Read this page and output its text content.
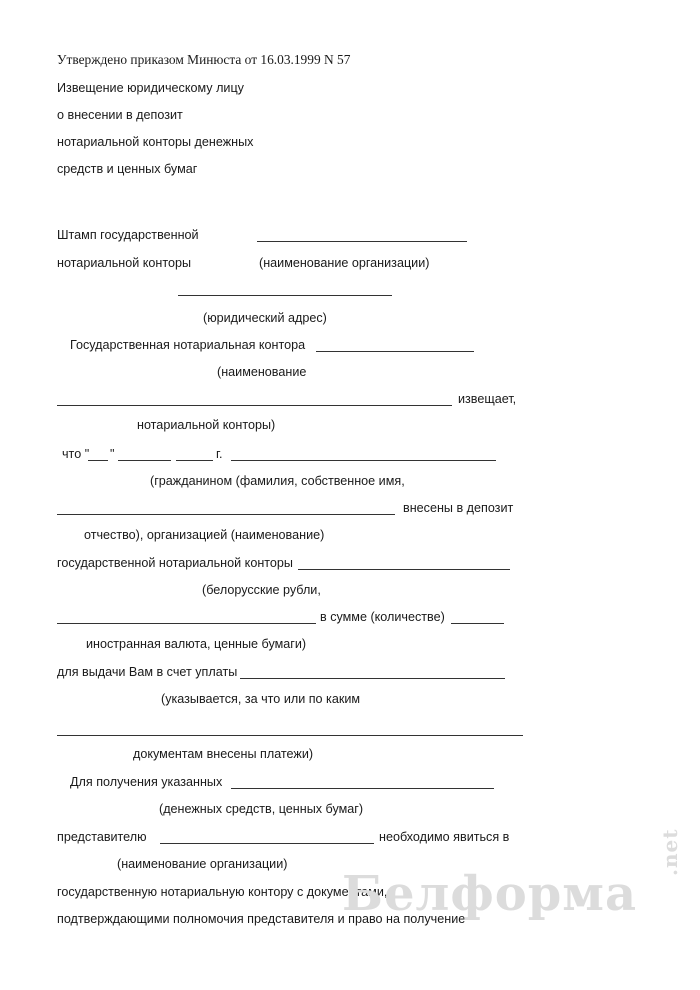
Утверждено приказом Минюста от 16.03.1999 N 57
Извещение юридическому лицу
о внесении в депозит
нотариальной конторы денежных
средств и ценных бумаг
Штамп государственной
нотариальной конторы	(наименование организации)
(юридический адрес)
Государственная нотариальная контора
(наименование
извещает,
нотариальной конторы)
что " "	г.
(гражданином (фамилия, собственное имя,
внесены в депозит
отчество), организацией (наименование)
государственной нотариальной конторы
(белорусские рубли,
в сумме (количестве)
иностранная валюта, ценные бумаги)
для выдачи Вам в счет уплаты
(указывается, за что или по каким
документам внесены платежи)
Для получения указанных
(денежных средств, ценных бумаг)
представителю	необходимо явиться в
(наименование организации)
государственную нотариальную контору с документами,
подтверждающими полномочия представителя и право на получение
Белформа
.net
